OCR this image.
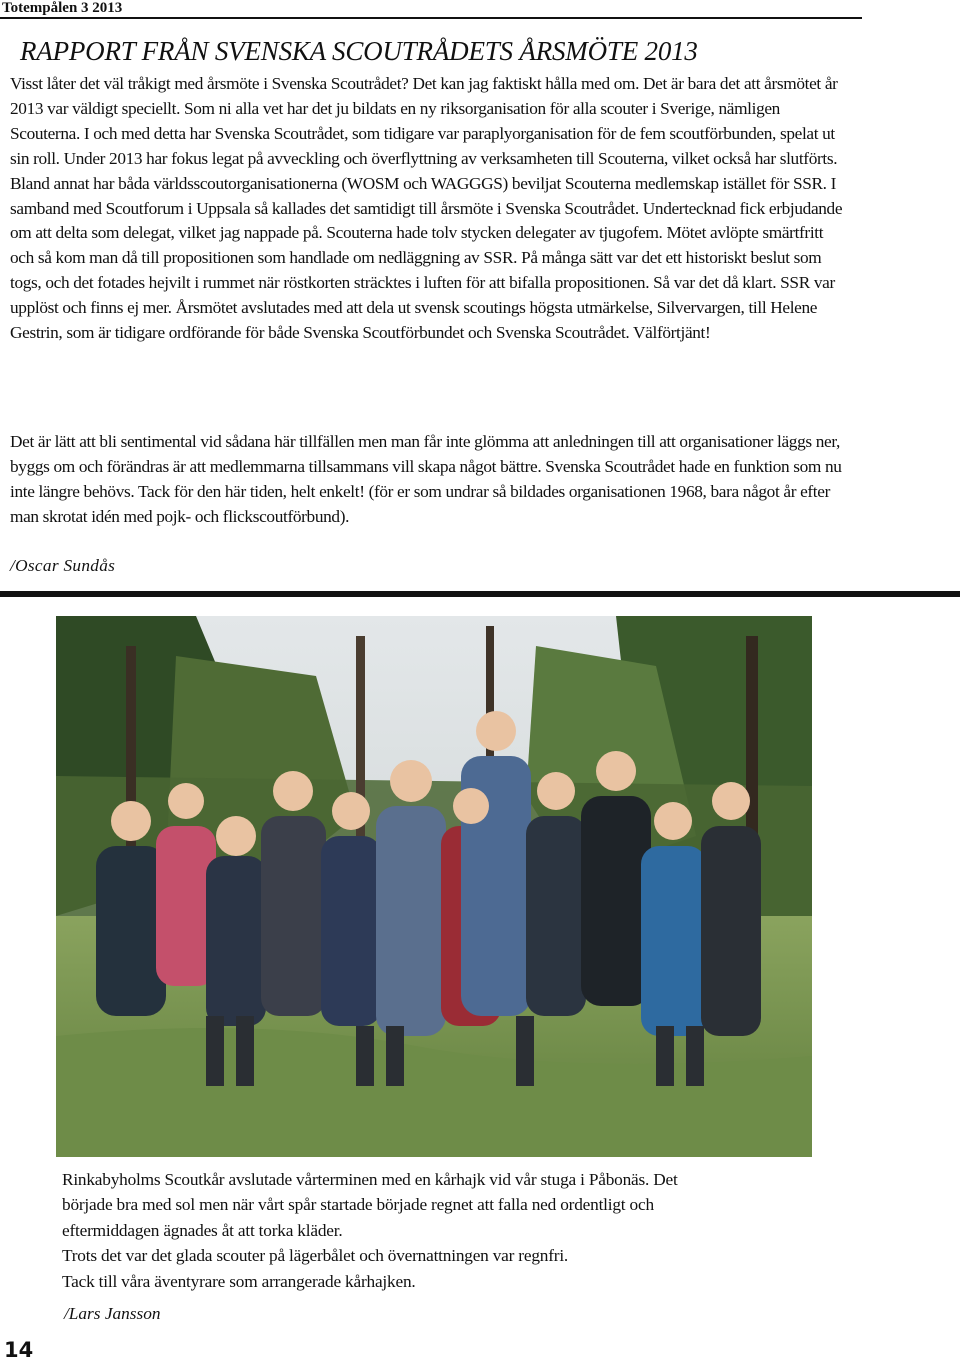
Totempålen 3 2013
RAPPORT FRÅN SVENSKA SCOUTRÅDETS ÅRSMÖTE 2013

Visst låter det väl tråkigt med årsmöte i Svenska Scoutrådet? Det kan jag faktiskt hålla med om. Det är bara det att årsmötet år 2013 var väldigt speciellt. Som ni alla vet har det ju bildats en ny riksorganisation för alla scouter i Sverige, nämligen Scouterna. I och med detta har Svenska Scoutrådet, som tidigare var paraplyorganisation för de fem scoutförbunden, spelat ut sin roll. Under 2013 har fokus legat på avveckling och överflyttning av verksamheten till Scouterna, vilket också har slutförts. Bland annat har båda världsscoutorganisationerna (WOSM och WAGGGS) beviljat Scouterna medlemskap istället för SSR. I samband med Scoutforum i Uppsala så kallades det samtidigt till årsmöte i Svenska Scoutrådet. Undertecknad fick erbjudande om att delta som delegat, vilket jag nappade på. Scouterna hade tolv stycken delegater av tjugofem. Mötet avlöpte smärtfritt och så kom man då till propositionen som handlade om nedläggning av SSR. På många sätt var det ett historiskt beslut som togs, och det fotades hejvilt i rummet när röstkorten sträcktes i luften för att bifalla propositionen. Så var det då klart. SSR var upplöst och finns ej mer. Årsmötet avslutades med att dela ut svensk scoutings högsta utmärkelse, Silvervargen, till Helene Gestrin, som är tidigare ordförande för både Svenska Scoutförbundet och Svenska Scoutrådet. Välförtjänt!

Det är lätt att bli sentimental vid sådana här tillfällen men man får inte glömma att anledningen till att organisationer läggs ner, byggs om och förändras är att medlemmarna tillsammans vill skapa något bättre. Svenska Scoutrådet hade en funktion som nu inte längre behövs. Tack för den här tiden, helt enkelt! (för er som undrar så bildades organisationen 1968, bara något år efter man skrotat idén med pojk- och flickscoutförbund).

/Oscar Sundås

Rinkabyholms Scoutkår avslutade vårterminen med en kårhajk vid vår stuga i Påbonäs. Det
började bra med sol men när vårt spår startade började regnet att falla ned ordentligt och
eftermiddagen ägnades åt att torka kläder.
Trots det var det glada scouter på lägerbålet och övernattningen var regnfri.
Tack till våra äventyrare som arrangerade kårhajken.

/Lars Jansson

14
